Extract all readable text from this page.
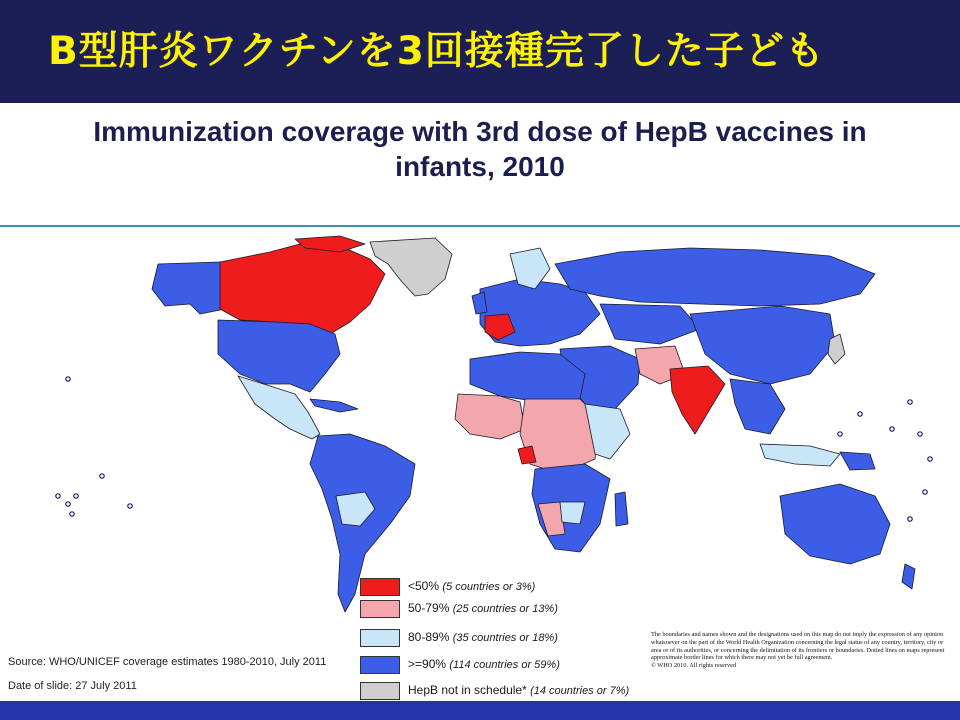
B型肝炎ワクチンを3回接種完了した子ども
Immunization coverage with 3rd dose of HepB vaccines in
infants, 2010
<50% (5 countries or 3%)
50-79% (25 countries or 13%)
80-89% (35 countries or 18%)
>=90% (114 countries or 59%)
HepB not in schedule* (14 countries or 7%)
Source: WHO/UNICEF coverage estimates 1980-2010, July 2011
Date of slide: 27 July 2011
The boundaries and names shown and the designations used on this map do not imply the expression of any opinion whatsoever on the part of the World Health Organization concerning the legal status of any country, territory, city or area or of its authorities, or concerning the delimitation of its frontiers or boundaries. Dotted lines on maps represent approximate border lines for which there may not yet be full agreement.
© WHO 2010. All rights reserved
